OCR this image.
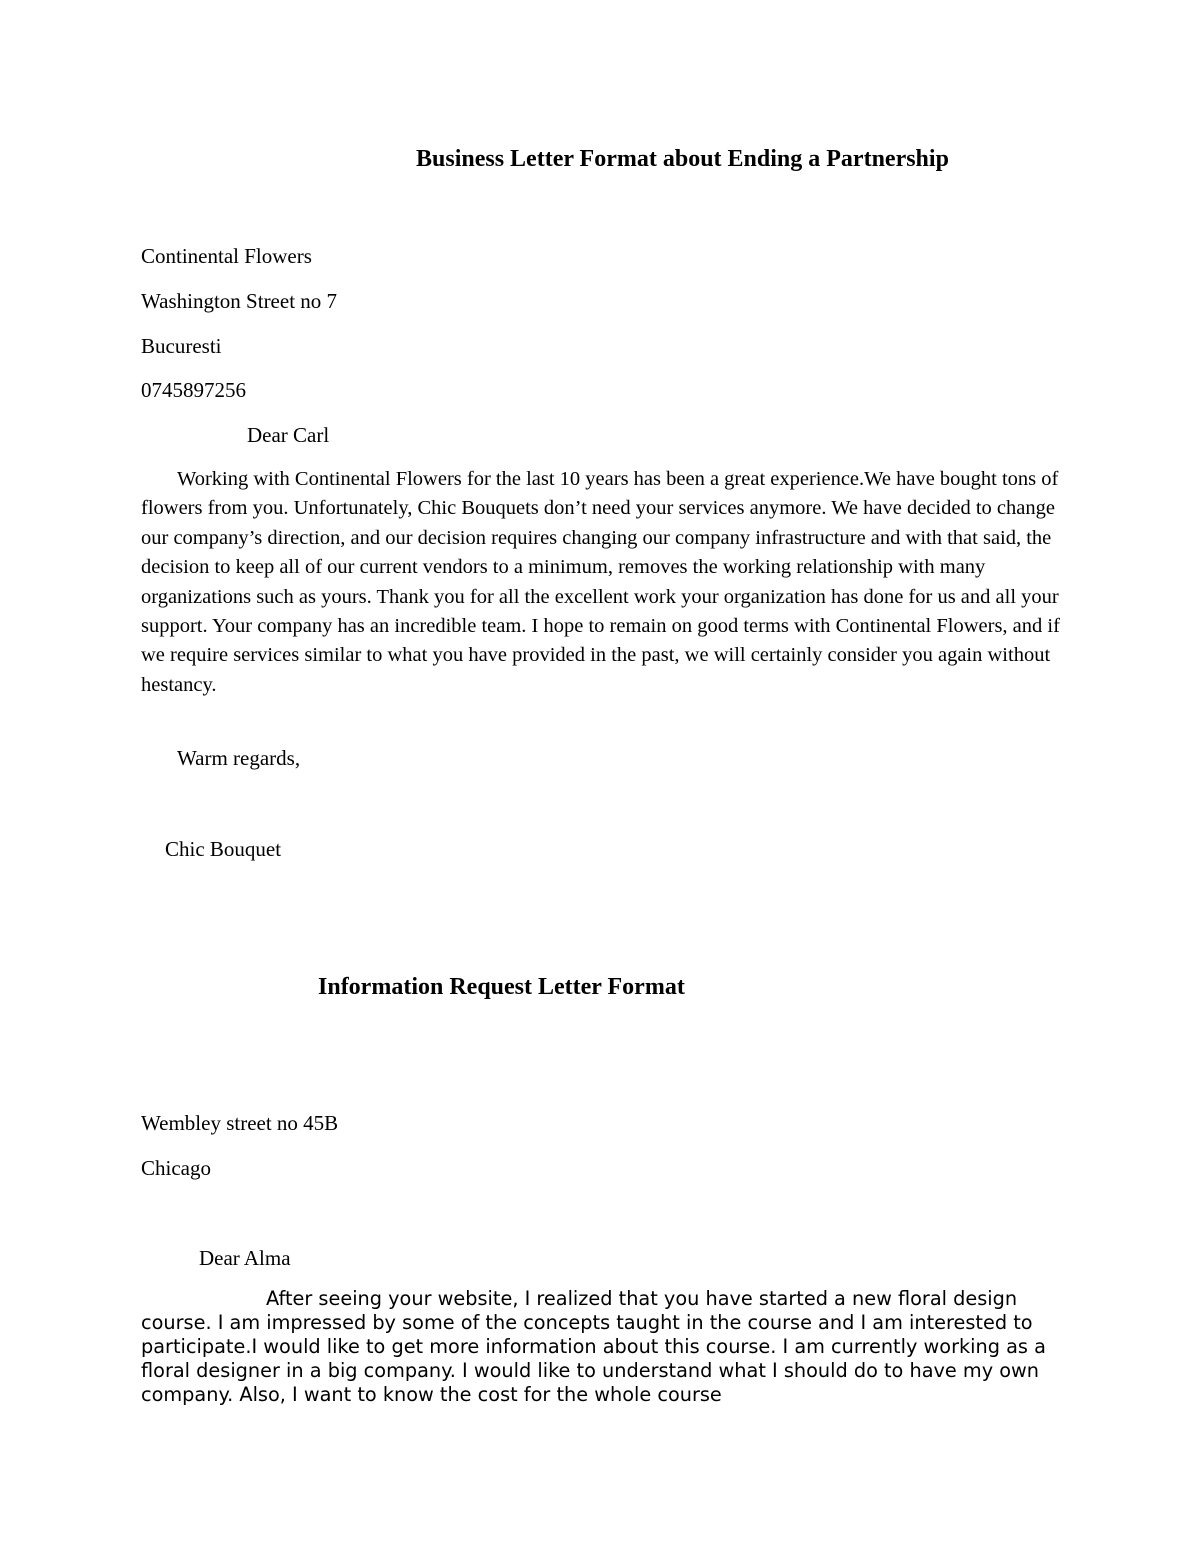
Business Letter Format about Ending a Partnership
Continental Flowers
Washington Street no 7
Bucuresti
0745897256
Dear Carl
Working with Continental Flowers for the last 10 years has been a great experience.We have bought tons of flowers from you. Unfortunately, Chic Bouquets don’t need your services anymore. We have decided to change our company’s direction, and our decision requires changing our company infrastructure and with that said, the decision to keep all of our current vendors to a minimum, removes the working relationship with many organizations such as yours. Thank you for all the excellent work your organization has done for us and all your support. Your company has an incredible team. I hope to remain on good terms with Continental Flowers, and if we require services similar to what you have provided in the past, we will certainly consider you again without hestancy.
Warm regards,
Chic Bouquet
Information Request Letter Format
Wembley street no 45B
Chicago
Dear Alma
After seeing your website, I realized that you have started a new floral design course. I am impressed by some of the concepts taught in the course and I am interested to participate.I would like to get more information about this course. I am currently working as a floral designer in a big company. I would like to understand what I should do to have my own company. Also, I want to know the cost for the whole course
